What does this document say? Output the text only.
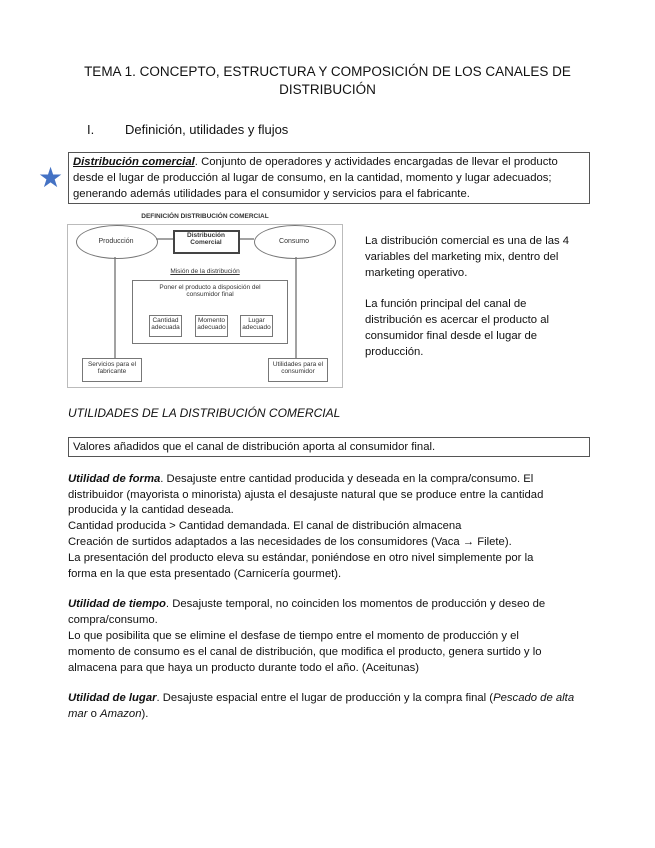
TEMA 1. CONCEPTO, ESTRUCTURA Y COMPOSICIÓN DE LOS CANALES DE
DISTRIBUCIÓN
I. Definición, utilidades y flujos
★ Distribución comercial. Conjunto de operadores y actividades encargadas de llevar el producto
desde el lugar de producción al lugar de consumo, en la cantidad, momento y lugar adecuados;
generando además utilidades para el consumidor y servicios para el fabricante.
DEFINICIÓN DISTRIBUCIÓN COMERCIAL
Producción	Consumo
Distribución Comercial
Misión de la distribución
Poner el producto a disposición del consumidor final
Cantidad adecuada
Momento adecuado
Lugar adecuado
Servicios para el fabricante
Utilidades para el consumidor
La distribución comercial es una de las 4
variables del marketing mix, dentro del
marketing operativo.
La función principal del canal de
distribución es acercar el producto al
consumidor final desde el lugar de
producción.
UTILIDADES DE LA DISTRIBUCIÓN COMERCIAL
Valores añadidos que el canal de distribución aporta al consumidor final.
Utilidad de forma. Desajuste entre cantidad producida y deseada en la compra/consumo. El
distribuidor (mayorista o minorista) ajusta el desajuste natural que se produce entre la cantidad
producida y la cantidad deseada.
Cantidad producida > Cantidad demandada. El canal de distribución almacena
Creación de surtidos adaptados a las necesidades de los consumidores (Vaca → Filete).
La presentación del producto eleva su estándar, poniéndose en otro nivel simplemente por la
forma en la que esta presentado (Carnicería gourmet).
Utilidad de tiempo. Desajuste temporal, no coinciden los momentos de producción y deseo de
compra/consumo.
Lo que posibilita que se elimine el desfase de tiempo entre el momento de producción y el
momento de consumo es el canal de distribución, que modifica el producto, genera surtido y lo
almacena para que haya un producto durante todo el año. (Aceitunas)
Utilidad de lugar. Desajuste espacial entre el lugar de producción y la compra final (Pescado de alta
mar o Amazon).
